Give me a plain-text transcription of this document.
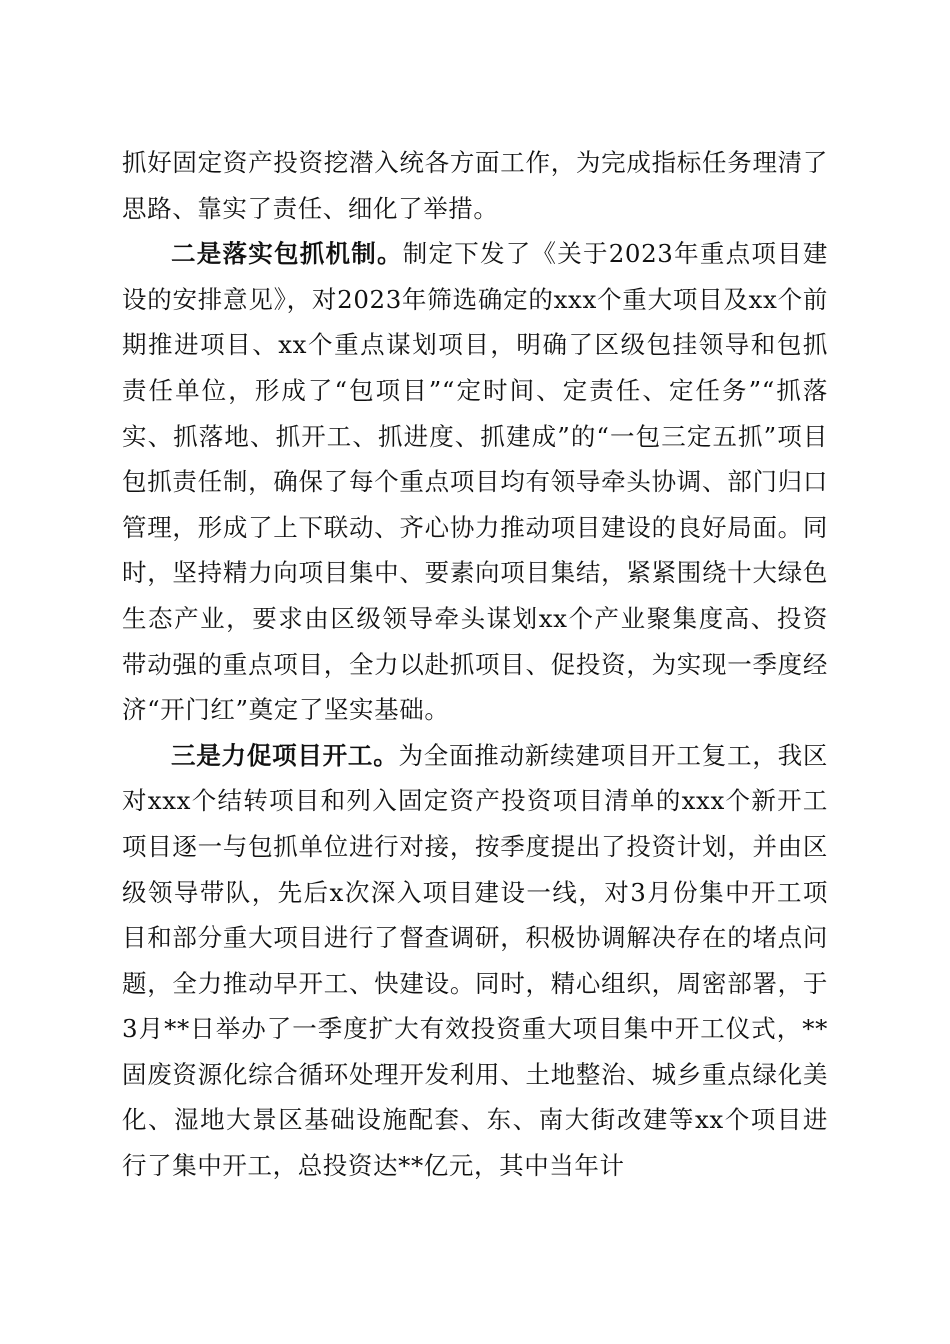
抓好固定资产投资挖潜入统各方面工作，为完成指标任务理清了思路、靠实了责任、细化了举措。

二是落实包抓机制。制定下发了《关于2023年重点项目建设的安排意见》，对2023年筛选确定的xxx个重大项目及xx个前期推进项目、xx个重点谋划项目，明确了区级包挂领导和包抓责任单位，形成了“包项目”“定时间、定责任、定任务”“抓落实、抓落地、抓开工、抓进度、抓建成”的“一包三定五抓”项目包抓责任制，确保了每个重点项目均有领导牵头协调、部门归口管理，形成了上下联动、齐心协力推动项目建设的良好局面。同时，坚持精力向项目集中、要素向项目集结，紧紧围绕十大绿色生态产业，要求由区级领导牵头谋划xx个产业聚集度高、投资带动强的重点项目，全力以赴抓项目、促投资，为实现一季度经济“开门红”奠定了坚实基础。

三是力促项目开工。为全面推动新续建项目开工复工，我区对xxx个结转项目和列入固定资产投资项目清单的xxx个新开工项目逐一与包抓单位进行对接，按季度提出了投资计划，并由区级领导带队，先后x次深入项目建设一线，对3月份集中开工项目和部分重大项目进行了督查调研，积极协调解决存在的堵点问题，全力推动早开工、快建设。同时，精心组织，周密部署，于3月**日举办了一季度扩大有效投资重大项目集中开工仪式，**固废资源化综合循环处理开发利用、土地整治、城乡重点绿化美化、湿地大景区基础设施配套、东、南大街改建等xx个项目进行了集中开工，总投资达**亿元，其中当年计
